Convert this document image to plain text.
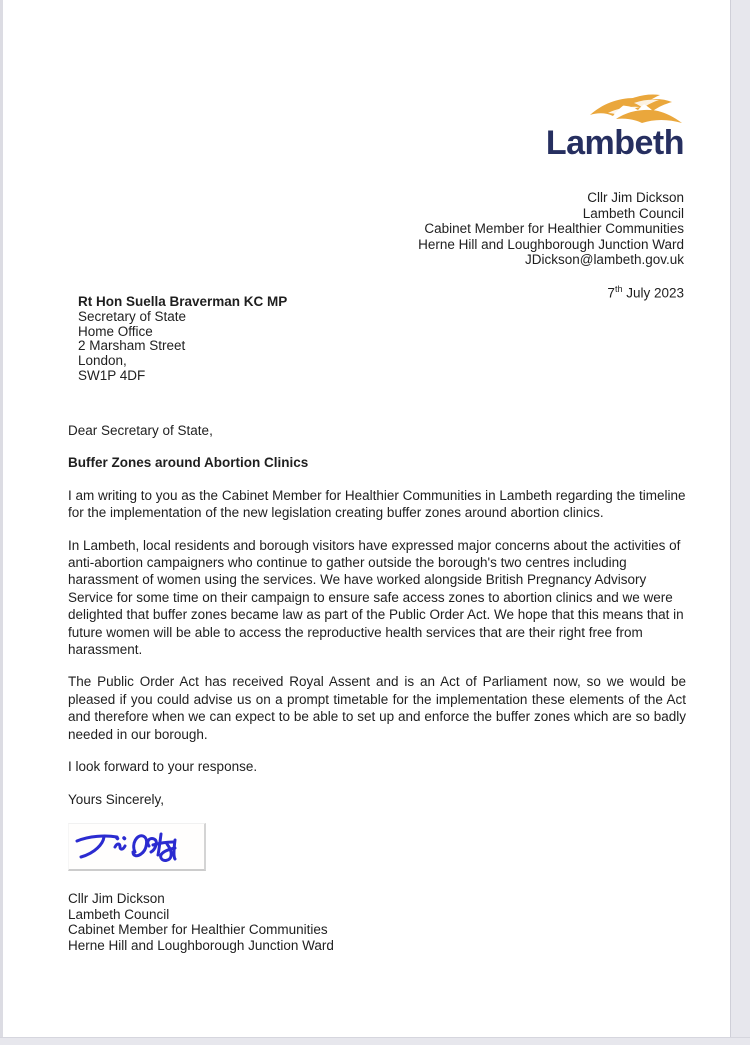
Lambeth
Cllr Jim Dickson
Lambeth Council
Cabinet Member for Healthier Communities
Herne Hill and Loughborough Junction Ward
JDickson@lambeth.gov.uk
7th July 2023
Rt Hon Suella Braverman KC MP
Secretary of State
Home Office
2 Marsham Street
London,
SW1P 4DF

Dear Secretary of State,

Buffer Zones around Abortion Clinics

I am writing to you as the Cabinet Member for Healthier Communities in Lambeth regarding the timeline for the implementation of the new legislation creating buffer zones around abortion clinics.

In Lambeth, local residents and borough visitors have expressed major concerns about the activities of anti-abortion campaigners who continue to gather outside the borough's two centres including harassment of women using the services. We have worked alongside British Pregnancy Advisory Service for some time on their campaign to ensure safe access zones to abortion clinics and we were delighted that buffer zones became law as part of the Public Order Act. We hope that this means that in future women will be able to access the reproductive health services that are their right free from harassment.

The Public Order Act has received Royal Assent and is an Act of Parliament now, so we would be pleased if you could advise us on a prompt timetable for the implementation these elements of the Act and therefore when we can expect to be able to set up and enforce the buffer zones which are so badly needed in our borough.

I look forward to your response.

Yours Sincerely,

Cllr Jim Dickson
Lambeth Council
Cabinet Member for Healthier Communities
Herne Hill and Loughborough Junction Ward
